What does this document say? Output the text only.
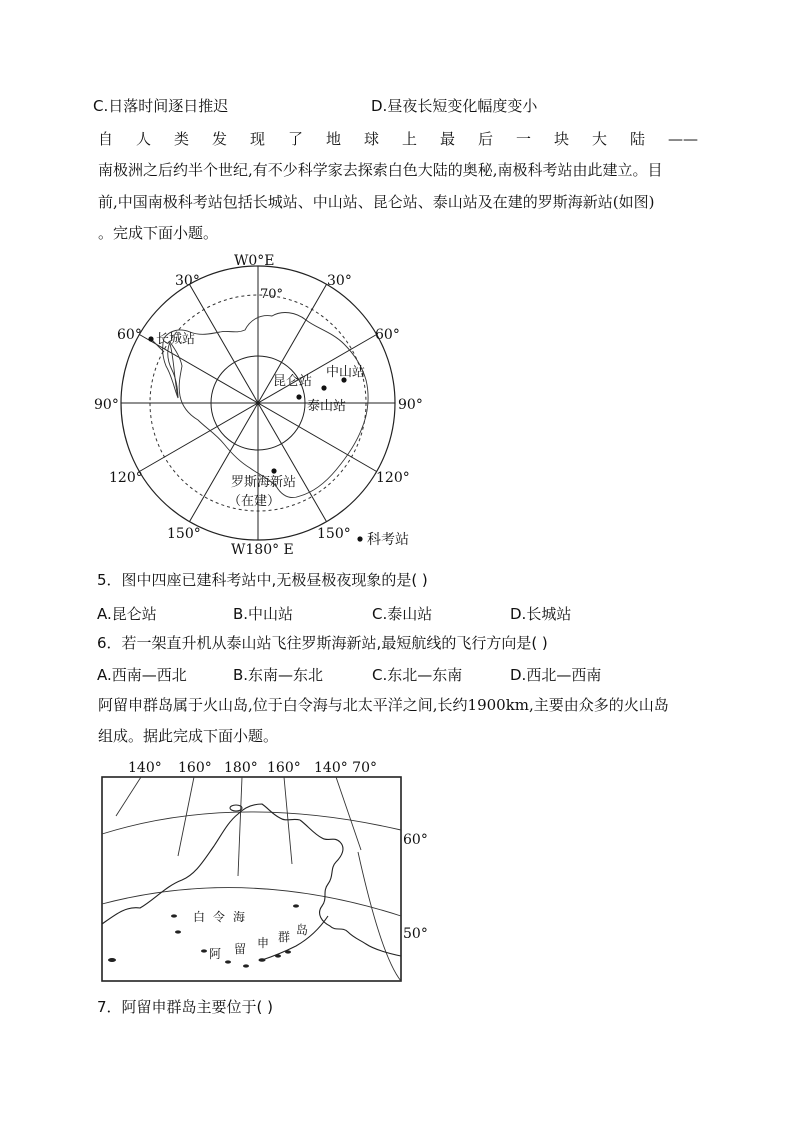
C.日落时间逐日推迟	D.昼夜长短变化幅度变小
自 人 类 发 现 了 地 球 上 最 后 一 块 大 陆 ——
南极洲之后约半个世纪,有不少科学家去探索白色大陆的奥秘,南极科考站由此建立。目
前,中国南极科考站包括长城站、中山站、昆仑站、泰山站及在建的罗斯海新站(如图)
。完成下面小题。
W0°E
W180° E
70°
30°	30°
60°	60°
90°	90°
120°	120°
150°	150°
长城站
昆仑站
中山站
泰山站
罗斯海新站
（在建）
科考站
5．图中四座已建科考站中,无极昼极夜现象的是( )
A.昆仑站	B.中山站	C.泰山站	D.长城站
6．若一架直升机从泰山站飞往罗斯海新站,最短航线的飞行方向是( )
A.西南—西北	B.东南—东北	C.东北—东南	D.西北—西南
阿留申群岛属于火山岛,位于白令海与北太平洋之间,长约1900km,主要由众多的火山岛
组成。据此完成下面小题。
140° 160° 180° 160° 140° 70°
60°
50°
白 令 海
阿 留 申 群 岛
7．阿留申群岛主要位于( )
